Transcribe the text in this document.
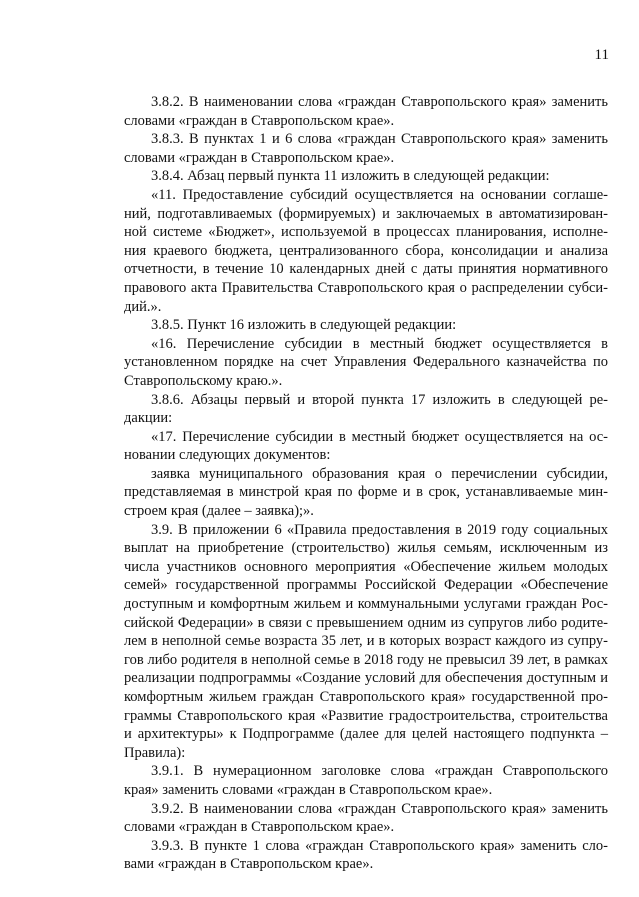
11

3.8.2. В наименовании слова «граждан Ставропольского края» заменить
словами «граждан в Ставропольском крае».

3.8.3. В пунктах 1 и 6 слова «граждан Ставропольского края» заменить
словами «граждан в Ставропольском крае».

3.8.4. Абзац первый пункта 11 изложить в следующей редакции:

«11. Предоставление субсидий осуществляется на основании соглаше-
ний, подготавливаемых (формируемых) и заключаемых в автоматизирован-
ной системе «Бюджет», используемой в процессах планирования, исполне-
ния краевого бюджета, централизованного сбора, консолидации и анализа
отчетности, в течение 10 календарных дней с даты принятия нормативного
правового акта Правительства Ставропольского края о распределении субси-
дий.».

3.8.5. Пункт 16 изложить в следующей редакции:

«16. Перечисление субсидии в местный бюджет осуществляется в
установленном порядке на счет Управления Федерального казначейства по
Ставропольскому краю.».

3.8.6. Абзацы первый и второй пункта 17 изложить в следующей ре-
дакции:

«17. Перечисление субсидии в местный бюджет осуществляется на ос-
новании следующих документов:

заявка муниципального образования края о перечислении субсидии,
представляемая в минстрой края по форме и в срок, устанавливаемые мин-
строем края (далее – заявка);».

3.9. В приложении 6 «Правила предоставления в 2019 году социальных
выплат на приобретение (строительство) жилья семьям, исключенным из
числа участников основного мероприятия «Обеспечение жильем молодых
семей» государственной программы Российской Федерации «Обеспечение
доступным и комфортным жильем и коммунальными услугами граждан Рос-
сийской Федерации» в связи с превышением одним из супругов либо родите-
лем в неполной семье возраста 35 лет, и в которых возраст каждого из супру-
гов либо родителя в неполной семье в 2018 году не превысил 39 лет, в рамках
реализации подпрограммы «Создание условий для обеспечения доступным и
комфортным жильем граждан Ставропольского края» государственной про-
граммы Ставропольского края «Развитие градостроительства, строительства
и архитектуры» к Подпрограмме (далее для целей настоящего подпункта –
Правила):

3.9.1. В нумерационном заголовке слова «граждан Ставропольского
края» заменить словами «граждан в Ставропольском крае».

3.9.2. В наименовании слова «граждан Ставропольского края» заменить
словами «граждан в Ставропольском крае».

3.9.3. В пункте 1 слова «граждан Ставропольского края» заменить сло-
вами «граждан в Ставропольском крае».
